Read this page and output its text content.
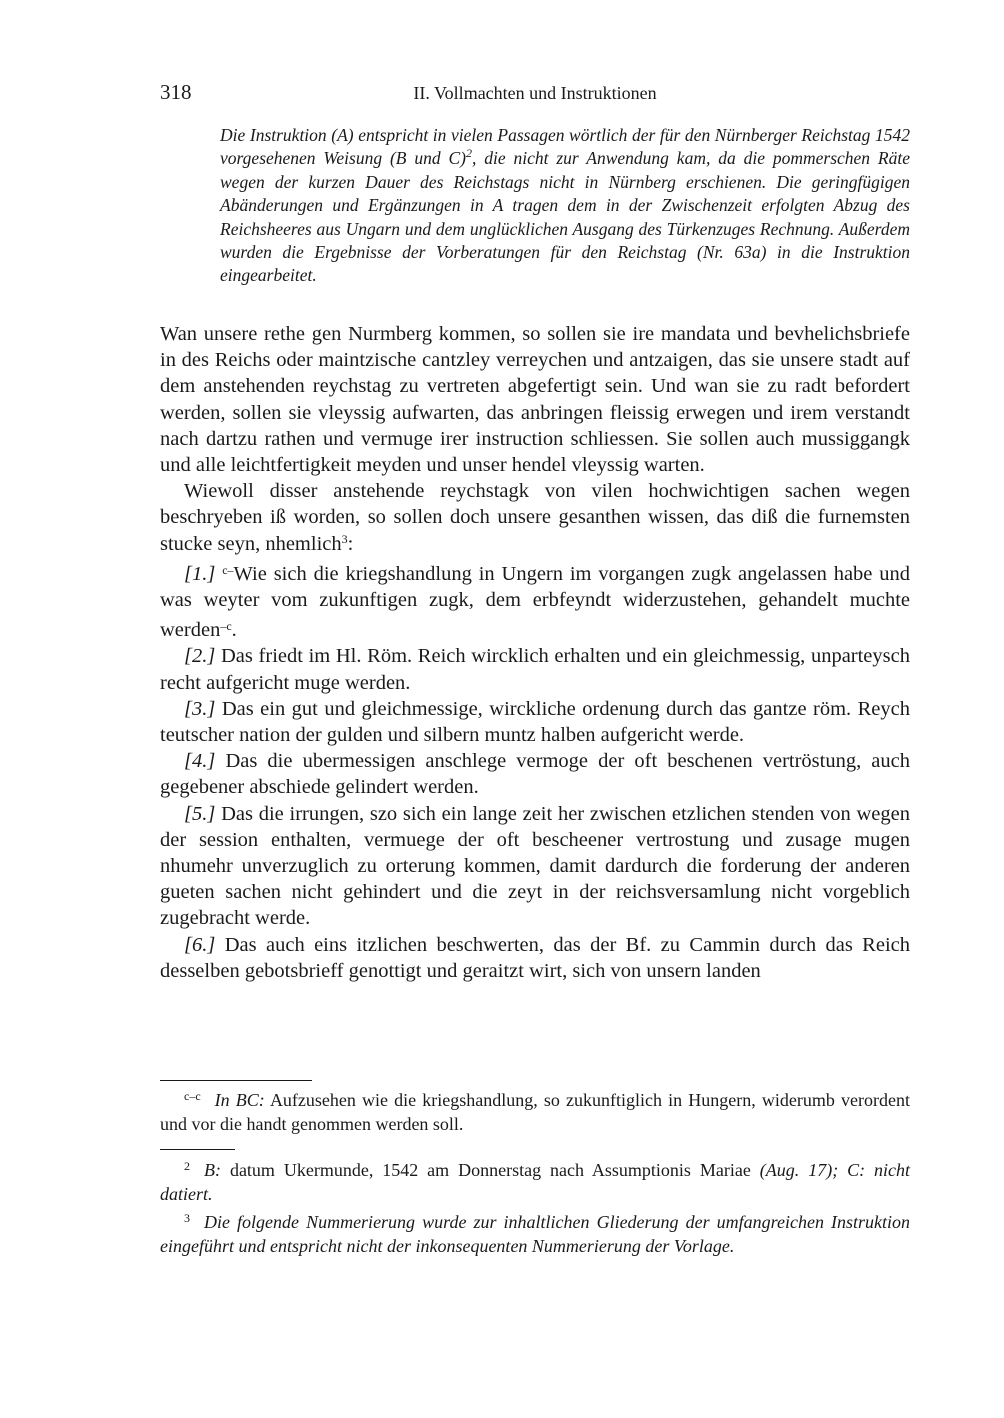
318	II. Vollmachten und Instruktionen
Die Instruktion (A) entspricht in vielen Passagen wörtlich der für den Nürnberger Reichstag 1542 vorgesehenen Weisung (B und C)$^2$, die nicht zur Anwendung kam, da die pommerschen Räte wegen der kurzen Dauer des Reichstags nicht in Nürnberg erschienen. Die geringfügigen Abänderungen und Ergänzungen in A tragen dem in der Zwischenzeit erfolgten Abzug des Reichsheeres aus Ungarn und dem unglücklichen Ausgang des Türkenzuges Rechnung. Außerdem wurden die Ergebnisse der Vorberatungen für den Reichstag (Nr. 63a) in die Instruktion eingearbeitet.

Wan unsere rethe gen Nurmberg kommen, so sollen sie ire mandata und bevhelichsbriefe in des Reichs oder maintzische cantzley verreychen und antzaigen, das sie unsere stadt auf dem anstehenden reychstag zu vertreten abgefertigt sein. Und wan sie zu radt befordert werden, sollen sie vleyssig aufwarten, das anbringen fleissig erwegen und irem verstandt nach dartzu rathen und vermuge irer instruction schliessen. Sie sollen auch mussiggangk und alle leichtfertigkeit meyden und unser hendel vleyssig warten.

Wiewoll disser anstehende reychstagk von vilen hochwichtigen sachen wegen beschryeben iß worden, so sollen doch unsere gesanthen wissen, das diß die furnemsten stucke seyn, nhemlich$^3$:

[1.] $^{c-}$Wie sich die kriegshandlung in Ungern im vorgangen zugk angelassen habe und was weyter vom zukunftigen zugk, dem erbfeyndt widerzustehen, gehandelt muchte werden$^{-c}$.

[2.] Das friedt im Hl. Röm. Reich wircklich erhalten und ein gleichmessig, unparteysch recht aufgericht muge werden.

[3.] Das ein gut und gleichmessige, wirckliche ordenung durch das gantze röm. Reych teutscher nation der gulden und silbern muntz halben aufgericht werde.

[4.] Das die ubermessigen anschlege vermoge der oft beschenen vertröstung, auch gegebener abschiede gelindert werden.

[5.] Das die irrungen, szo sich ein lange zeit her zwischen etzlichen stenden von wegen der session enthalten, vermuege der oft bescheener vertrostung und zusage mugen nhumehr unverzuglich zu orterung kommen, damit dardurch die forderung der anderen gueten sachen nicht gehindert und die zeyt in der reichsversamlung nicht vorgeblich zugebracht werde.

[6.] Das auch eins itzlichen beschwerten, das der Bf. zu Cammin durch das Reich desselben gebotsbrieff genottigt und geraitzt wirt, sich von unsern landen

$^{c-c}$ In BC: Aufzusehen wie die kriegshandlung, so zukunftiglich in Hungern, widerumb verordent und vor die handt genommen werden soll.

$^2$ B: datum Ukermunde, 1542 am Donnerstag nach Assumptionis Mariae (Aug. 17); C: nicht datiert.

$^3$ Die folgende Nummerierung wurde zur inhaltlichen Gliederung der umfangreichen Instruktion eingeführt und entspricht nicht der inkonsequenten Nummerierung der Vorlage.
